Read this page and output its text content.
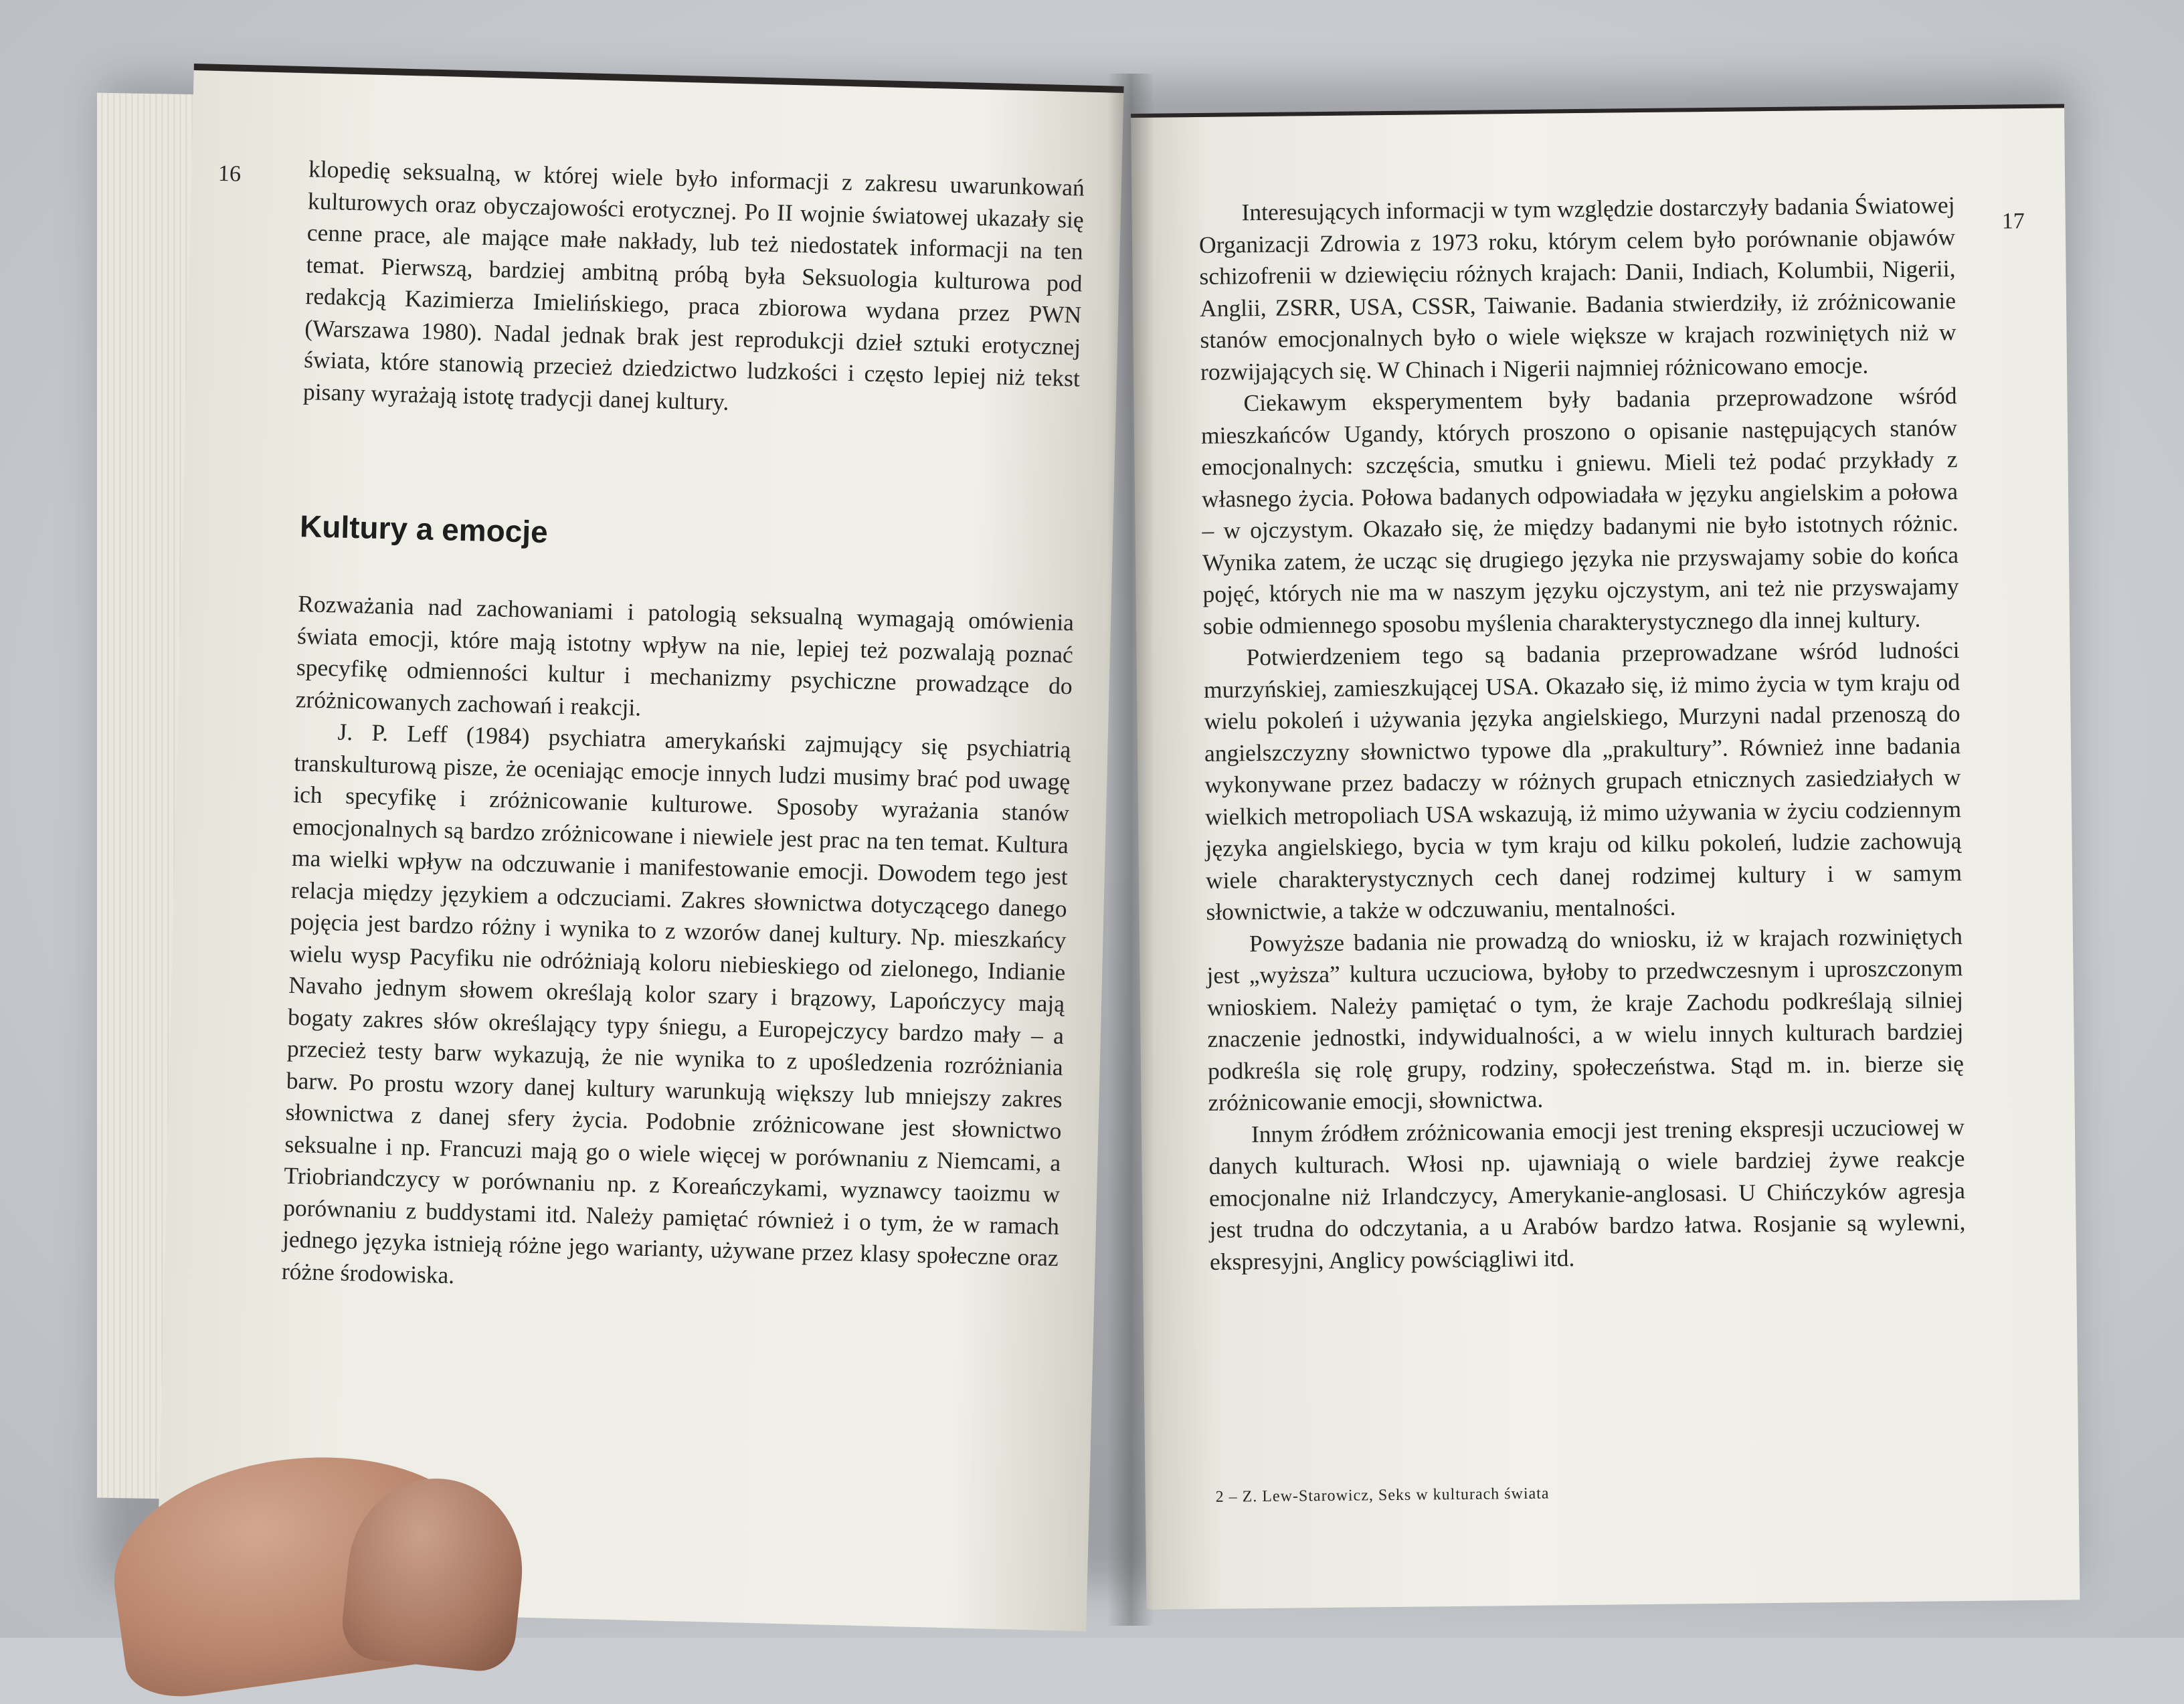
16	klopedię seksualną, w której wiele było informacji z zakresu uwarunkowań kulturowych oraz obyczajowości erotycznej. Po II wojnie światowej ukazały się cenne prace, ale mające małe nakłady, lub też niedostatek informacji na ten temat. Pierwszą, bardziej ambitną próbą była Seksuologia kulturowa pod redakcją Kazimierza Imielińskiego, praca zbiorowa wydana przez PWN (Warszawa 1980). Nadal jednak brak jest reprodukcji dzieł sztuki erotycznej świata, które stanowią przecież dziedzictwo ludzkości i często lepiej niż tekst pisany wyrażają istotę tradycji danej kultury.

Kultury a emocje

Rozważania nad zachowaniami i patologią seksualną wymagają omówienia świata emocji, które mają istotny wpływ na nie, lepiej też pozwalają poznać specyfikę odmienności kultur i mechanizmy psychiczne prowadzące do zróżnicowanych zachowań i reakcji.

J. P. Leff (1984) psychiatra amerykański zajmujący się psychiatrią transkulturową pisze, że oceniając emocje innych ludzi musimy brać pod uwagę ich specyfikę i zróżnicowanie kulturowe. Sposoby wyrażania stanów emocjonalnych są bardzo zróżnicowane i niewiele jest prac na ten temat. Kultura ma wielki wpływ na odczuwanie i manifestowanie emocji. Dowodem tego jest relacja między językiem a odczuciami. Zakres słownictwa dotyczącego danego pojęcia jest bardzo różny i wynika to z wzorów danej kultury. Np. mieszkańcy wielu wysp Pacyfiku nie odróżniają koloru niebieskiego od zielonego, Indianie Navaho jednym słowem określają kolor szary i brązowy, Lapończycy mają bogaty zakres słów określający typy śniegu, a Europejczycy bardzo mały – a przecież testy barw wykazują, że nie wynika to z upośledzenia rozróżniania barw. Po prostu wzory danej kultury warunkują większy lub mniejszy zakres słownictwa z danej sfery życia. Podobnie zróżnicowane jest słownictwo seksualne i np. Francuzi mają go o wiele więcej w porównaniu z Niemcami, a Triobriandczycy w porównaniu np. z Koreańczykami, wyznawcy taoizmu w porównaniu z buddystami itd. Należy pamiętać również i o tym, że w ramach jednego języka istnieją różne jego warianty, używane przez klasy społeczne oraz różne środowiska.

17

Interesujących informacji w tym względzie dostarczyły badania Światowej Organizacji Zdrowia z 1973 roku, którym celem było porównanie objawów schizofrenii w dziewięciu różnych krajach: Danii, Indiach, Kolumbii, Nigerii, Anglii, ZSRR, USA, CSSR, Taiwanie. Badania stwierdziły, iż zróżnicowanie stanów emocjonalnych było o wiele większe w krajach rozwiniętych niż w rozwijających się. W Chinach i Nigerii najmniej różnicowano emocje.

Ciekawym eksperymentem były badania przeprowadzone wśród mieszkańców Ugandy, których proszono o opisanie następujących stanów emocjonalnych: szczęścia, smutku i gniewu. Mieli też podać przykłady z własnego życia. Połowa badanych odpowiadała w języku angielskim a połowa – w ojczystym. Okazało się, że między badanymi nie było istotnych różnic. Wynika zatem, że ucząc się drugiego języka nie przyswajamy sobie do końca pojęć, których nie ma w naszym języku ojczystym, ani też nie przyswajamy sobie odmiennego sposobu myślenia charakterystycznego dla innej kultury.

Potwierdzeniem tego są badania przeprowadzane wśród ludności murzyńskiej, zamieszkującej USA. Okazało się, iż mimo życia w tym kraju od wielu pokoleń i używania języka angielskiego, Murzyni nadal przenoszą do angielszczyzny słownictwo typowe dla „prakultury”. Również inne badania wykonywane przez badaczy w różnych grupach etnicznych zasiedziałych w wielkich metropoliach USA wskazują, iż mimo używania w życiu codziennym języka angielskiego, bycia w tym kraju od kilku pokoleń, ludzie zachowują wiele charakterystycznych cech danej rodzimej kultury i w samym słownictwie, a także w odczuwaniu, mentalności.

Powyższe badania nie prowadzą do wniosku, iż w krajach rozwiniętych jest „wyższa” kultura uczuciowa, byłoby to przedwczesnym i uproszczonym wnioskiem. Należy pamiętać o tym, że kraje Zachodu podkreślają silniej znaczenie jednostki, indywidualności, a w wielu innych kulturach bardziej podkreśla się rolę grupy, rodziny, społeczeństwa. Stąd m. in. bierze się zróżnicowanie emocji, słownictwa.

Innym źródłem zróżnicowania emocji jest trening ekspresji uczuciowej w danych kulturach. Włosi np. ujawniają o wiele bardziej żywe reakcje emocjonalne niż Irlandczycy, Amerykanie-anglosasi. U Chińczyków agresja jest trudna do odczytania, a u Arabów bardzo łatwa. Rosjanie są wylewni, ekspresyjni, Anglicy powściągliwi itd.

2 – Z. Lew-Starowicz, Seks w kulturach świata
